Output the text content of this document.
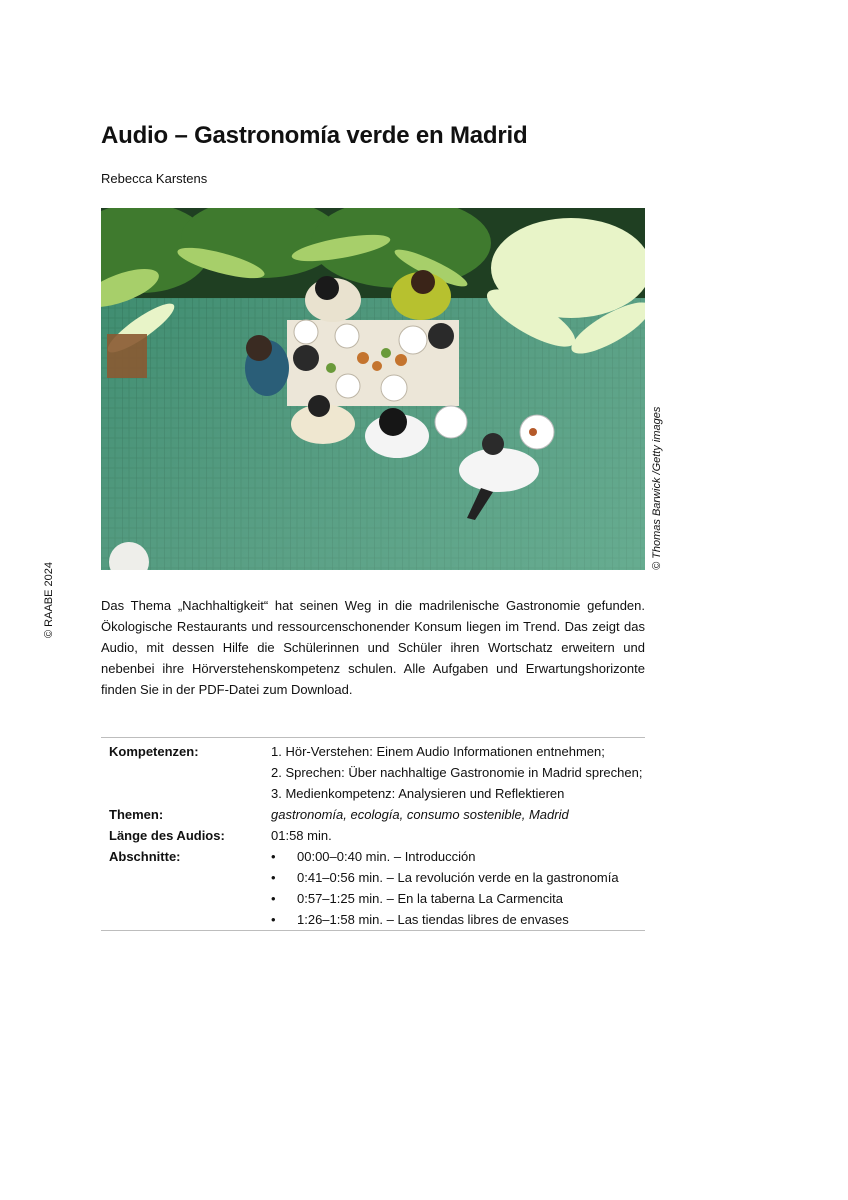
Audio – Gastronomía verde en Madrid
Rebecca Karstens
© Thomas Barwick /Getty images
© RAABE 2024	Das Thema „Nachhaltigkeit“ hat seinen Weg in die madrilenische Gastronomie gefunden. Ökologische Restaurants und ressourcenschonender Konsum liegen im Trend. Das zeigt das Audio, mit dessen Hilfe die Schülerinnen und Schüler ihren Wortschatz erweitern und nebenbei ihre Hörverstehenskompetenz schulen. Alle Aufgaben und Erwartungshorizonte finden Sie in der PDF-Datei zum Download.

Kompetenzen:	1. Hör-Verstehen: Einem Audio Informationen entnehmen;
2. Sprechen: Über nachhaltige Gastronomie in Madrid sprechen;
3. Medienkompetenz: Analysieren und Reflektieren
Themen:	gastronomía, ecología, consumo sostenible, Madrid
Länge des Audios:	01:58 min.
Abschnitte:	•	00:00–0:40 min. – Introducción
•	0:41–0:56 min. – La revolución verde en la gastronomía
•	0:57–1:25 min. – En la taberna La Carmencita
•	1:26–1:58 min. – Las tiendas libres de envases
